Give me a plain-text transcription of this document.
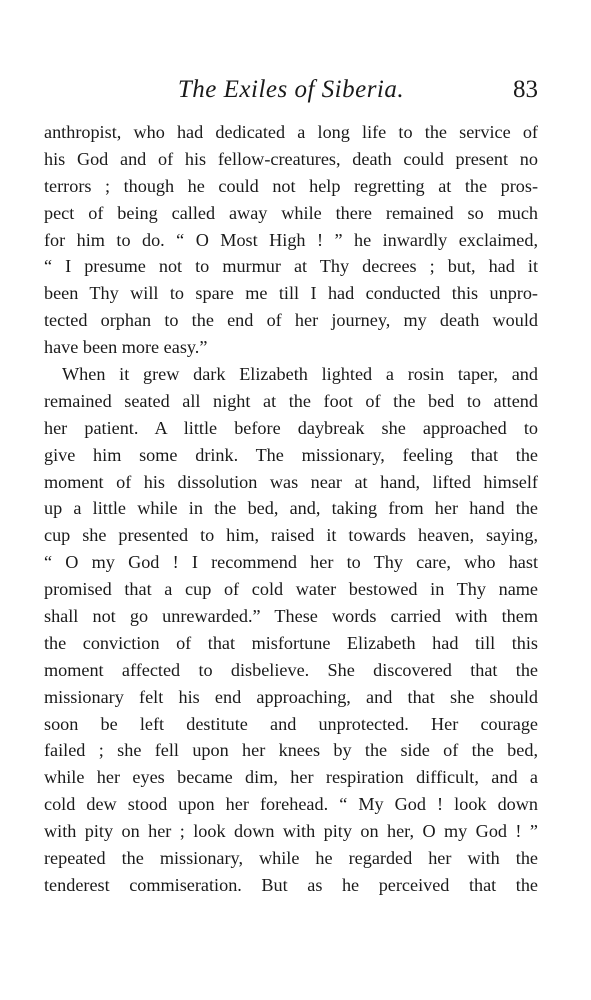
The Exiles of Siberia.	83
anthropist, who had dedicated a long life to the service of
his God and of his fellow-creatures, death could present no
terrors ; though he could not help regretting at the pros-
pect of being called away while there remained so much
for him to do. “ O Most High ! ” he inwardly exclaimed,
“ I presume not to murmur at Thy decrees ; but, had it
been Thy will to spare me till I had conducted this unpro-
tected orphan to the end of her journey, my death would
have been more easy.”
When it grew dark Elizabeth lighted a rosin taper, and
remained seated all night at the foot of the bed to attend
her patient. A little before daybreak she approached to
give him some drink. The missionary, feeling that the
moment of his dissolution was near at hand, lifted himself
up a little while in the bed, and, taking from her hand the
cup she presented to him, raised it towards heaven, saying,
“ O my God ! I recommend her to Thy care, who hast
promised that a cup of cold water bestowed in Thy name
shall not go unrewarded.” These words carried with them
the conviction of that misfortune Elizabeth had till this
moment affected to disbelieve. She discovered that the
missionary felt his end approaching, and that she should
soon be left destitute and unprotected. Her courage
failed ; she fell upon her knees by the side of the bed,
while her eyes became dim, her respiration difficult, and a
cold dew stood upon her forehead. “ My God ! look down
with pity on her ; look down with pity on her, O my God ! ”
repeated the missionary, while he regarded her with the
tenderest commiseration. But as he perceived that the
